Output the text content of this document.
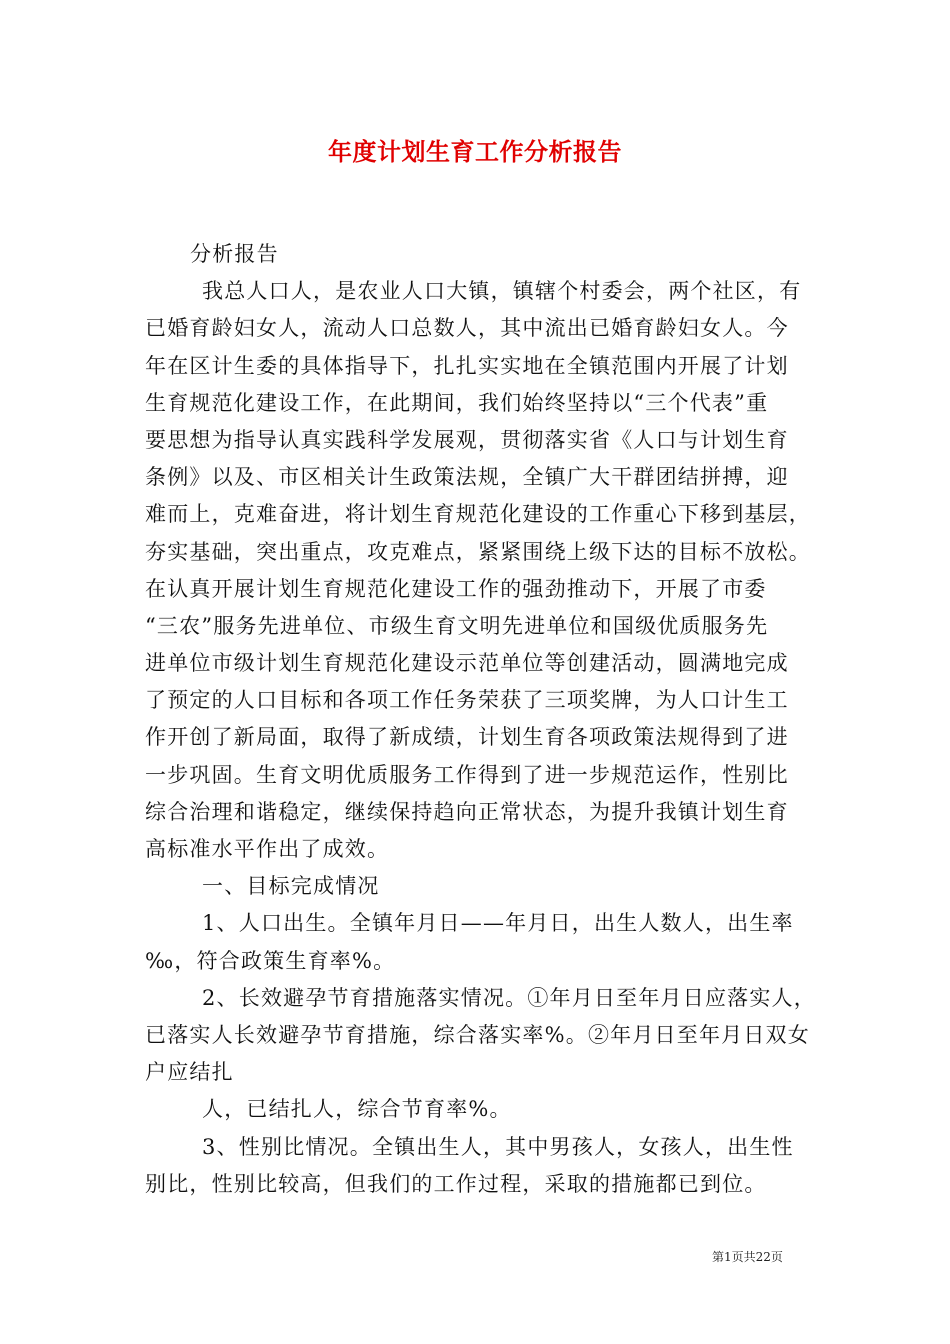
年度计划生育工作分析报告
分析报告
我总人口人，是农业人口大镇，镇辖个村委会，两个社区，有
已婚育龄妇女人，流动人口总数人，其中流出已婚育龄妇女人。今
年在区计生委的具体指导下，扎扎实实地在全镇范围内开展了计划
生育规范化建设工作，在此期间，我们始终坚持以“三个代表”重
要思想为指导认真实践科学发展观，贯彻落实省《人口与计划生育
条例》以及、市区相关计生政策法规，全镇广大干群团结拼搏，迎
难而上，克难奋进，将计划生育规范化建设的工作重心下移到基层，
夯实基础，突出重点，攻克难点，紧紧围绕上级下达的目标不放松。
在认真开展计划生育规范化建设工作的强劲推动下，开展了市委
“三农”服务先进单位、市级生育文明先进单位和国级优质服务先
进单位市级计划生育规范化建设示范单位等创建活动，圆满地完成
了预定的人口目标和各项工作任务荣获了三项奖牌，为人口计生工
作开创了新局面，取得了新成绩，计划生育各项政策法规得到了进
一步巩固。生育文明优质服务工作得到了进一步规范运作，性别比
综合治理和谐稳定，继续保持趋向正常状态，为提升我镇计划生育
高标准水平作出了成效。
一、目标完成情况
1、人口出生。全镇年月日——年月日，出生人数人，出生率
‰，符合政策生育率%。
2、长效避孕节育措施落实情况。①年月日至年月日应落实人，
已落实人长效避孕节育措施，综合落实率%。②年月日至年月日双女
户应结扎
人，已结扎人，综合节育率%。
3、性别比情况。全镇出生人，其中男孩人，女孩人，出生性
别比，性别比较高，但我们的工作过程，采取的措施都已到位。
第1页共22页
